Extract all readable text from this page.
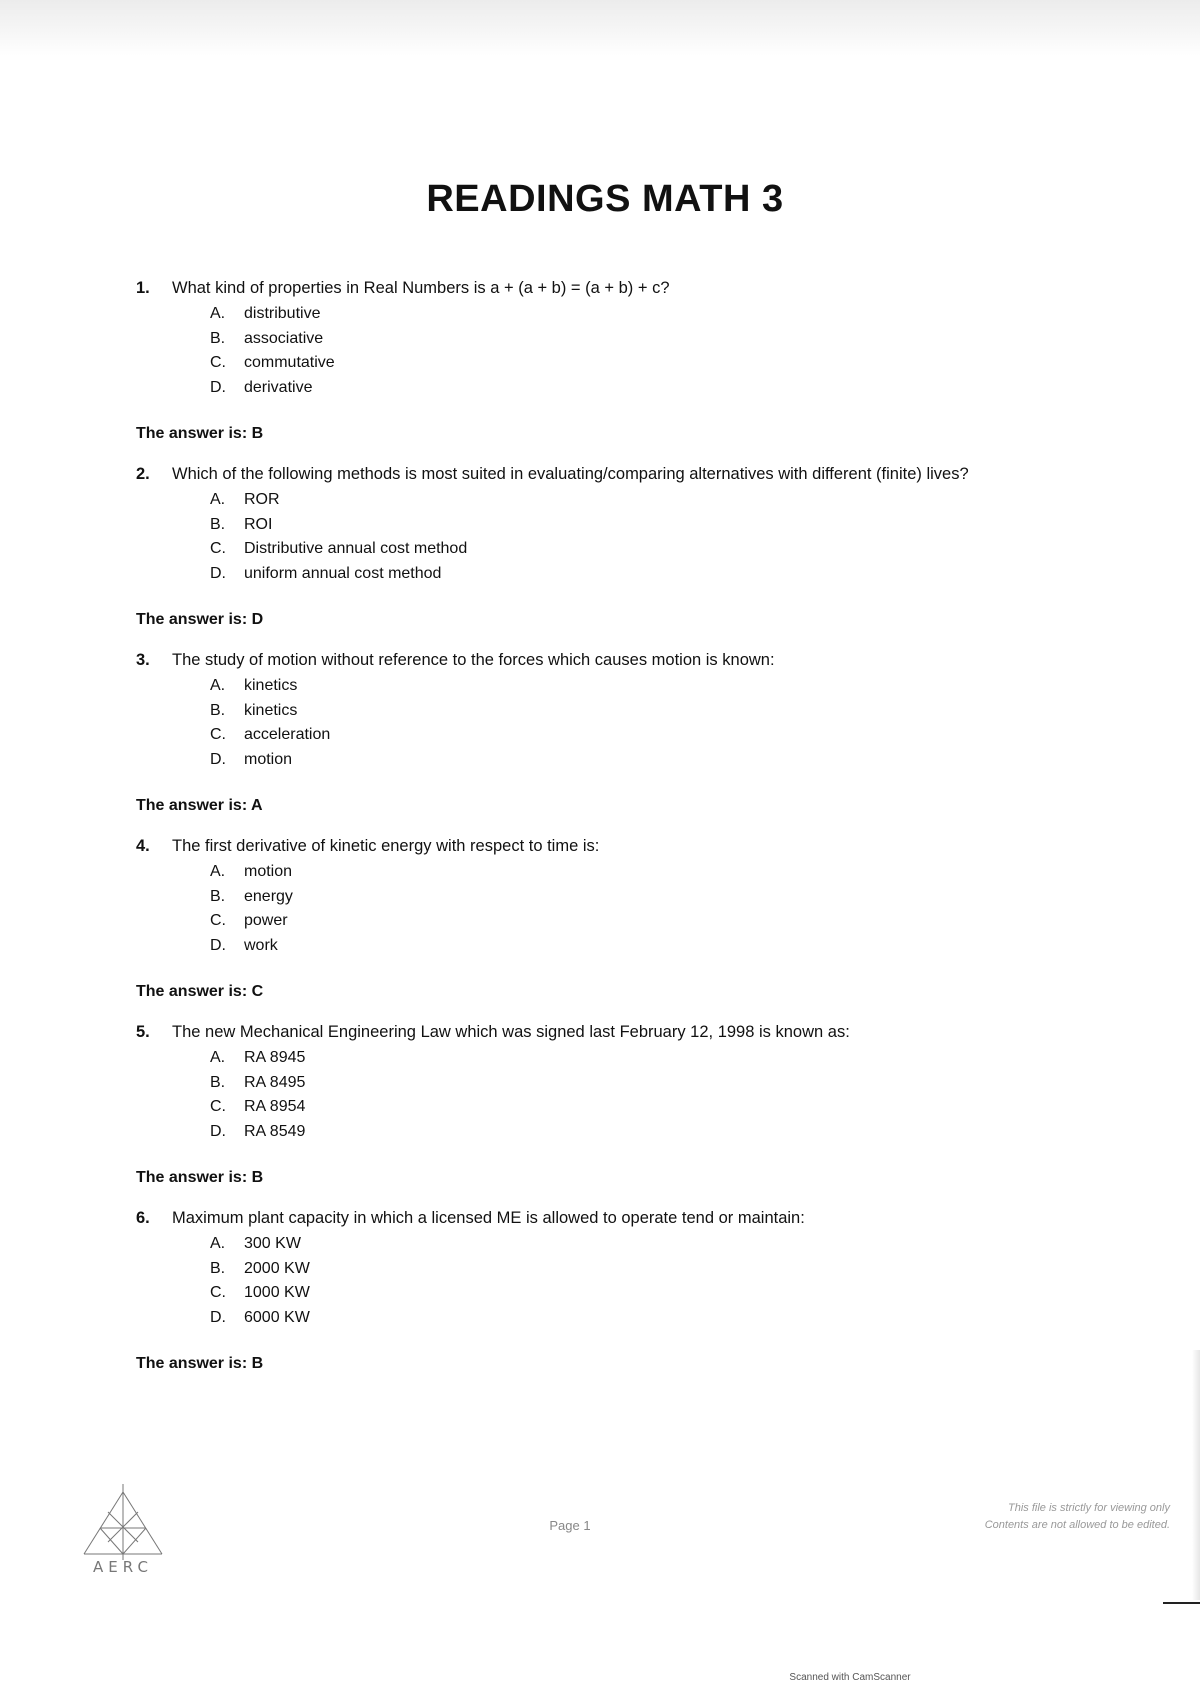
READINGS MATH 3
1.	What kind of properties in Real Numbers is a + (a + b) = (a + b) + c?
A.	distributive
B.	associative
C.	commutative
D.	derivative

The answer is: B

2.	Which of the following methods is most suited in evaluating/comparing alternatives with different (finite) lives?
A.	ROR
B.	ROI
C.	Distributive annual cost method
D.	uniform annual cost method

The answer is: D

3.	The study of motion without reference to the forces which causes motion is known:
A.	kinetics
B.	kinetics
C.	acceleration
D.	motion

The answer is: A

4.	The first derivative of kinetic energy with respect to time is:
A.	motion
B.	energy
C.	power
D.	work

The answer is: C

5.	The new Mechanical Engineering Law which was signed last February 12, 1998 is known as:
A.	RA 8945
B.	RA 8495
C.	RA 8954
D.	RA 8549

The answer is: B

6.	Maximum plant capacity in which a licensed ME is allowed to operate tend or maintain:
A.	300 KW
B.	2000 KW
C.	1000 KW
D.	6000 KW

The answer is: B

AERC
Page 1
This file is strictly for viewing only
Contents are not allowed to be edited.
Scanned with CamScanner
